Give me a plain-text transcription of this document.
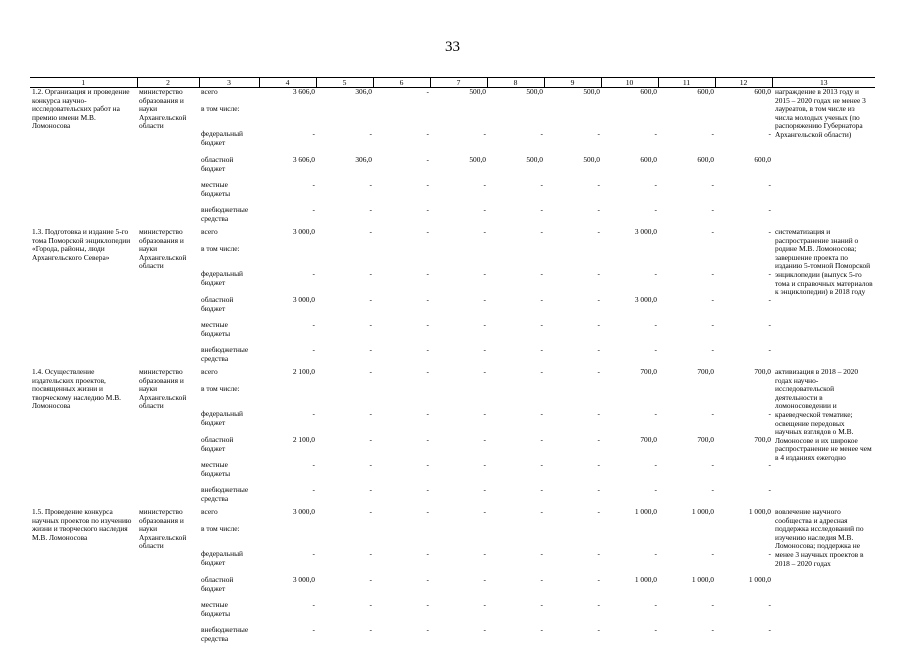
33
1	2	3	4	5	6	7	8	9	10	11	12	13
1.2. Организация и проведение конкурса научно-исследовательских работ на премию имени М.В. Ломоносова	министерство образования и науки Архангельской области	всего	3 606,0	306,0	-	500,0	500,0	500,0	600,0	600,0	600,0	награждение в 2013 году и 2015 – 2020 годах не менее 3 лауреатов, в том числе из числа молодых ученых (по распоряжению Губернатора Архангельской области)
		в том числе:										
		федеральный бюджет	-	-	-	-	-	-	-	-	-	
		областной бюджет	3 606,0	306,0	-	500,0	500,0	500,0	600,0	600,0	600,0	
		местные бюджеты	-	-	-	-	-	-	-	-	-	
		внебюджетные средства	-	-	-	-	-	-	-	-	-	
1.3. Подготовка и издание 5-го тома Поморской энциклопедии «Города, районы, люди Архангельского Севера»	министерство образования и науки Архангельской области	всего	3 000,0	-	-	-	-	-	3 000,0	-	-	систематизация и распространение знаний о родине М.В. Ломоносова; завершение проекта по изданию 5-томной Поморской энциклопедии (выпуск 5-го тома и справочных материалов к энциклопедии) в 2018 году
		в том числе:										
		федеральный бюджет	-	-	-	-	-	-	-	-	-	
		областной бюджет	3 000,0	-	-	-	-	-	3 000,0	-	-	
		местные бюджеты	-	-	-	-	-	-	-	-	-	
		внебюджетные средства	-	-	-	-	-	-	-	-	-	
1.4. Осуществление издательских проектов, посвященных жизни и творческому наследию М.В. Ломоносова	министерство образования и науки Архангельской области	всего	2 100,0	-	-	-	-	-	700,0	700,0	700,0	активизация в 2018 – 2020 годах научно-исследовательской деятельности в ломоносоведении и краеведческой тематике; освещение передовых научных взглядов о М.В. Ломоносове и их широкое распространение не менее чем в 4 изданиях ежегодно
		в том числе:										
		федеральный бюджет	-	-	-	-	-	-	-	-	-	
		областной бюджет	2 100,0	-	-	-	-	-	700,0	700,0	700,0	
		местные бюджеты	-	-	-	-	-	-	-	-	-	
		внебюджетные средства	-	-	-	-	-	-	-	-	-	
1.5. Проведение конкурса научных проектов по изучению жизни и творческого наследия М.В. Ломоносова	министерство образования и науки Архангельской области	всего	3 000,0	-	-	-	-	-	1 000,0	1 000,0	1 000,0	вовлечение научного сообщества и адресная поддержка исследований по изучению наследия М.В. Ломоносова; поддержка не менее 3 научных проектов в 2018 – 2020 годах
		в том числе:										
		федеральный бюджет	-	-	-	-	-	-	-	-	-	
		областной бюджет	3 000,0	-	-	-	-	-	1 000,0	1 000,0	1 000,0	
		местные бюджеты	-	-	-	-	-	-	-	-	-	
		внебюджетные средства	-	-	-	-	-	-	-	-	-	
